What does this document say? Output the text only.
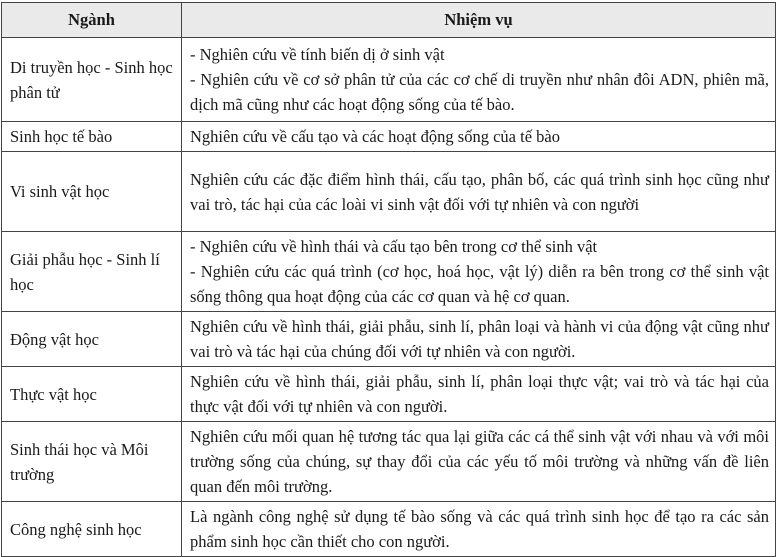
Ngành	Nhiệm vụ
Di truyền học - Sinh học phân tử	- Nghiên cứu về tính biến dị ở sinh vật
- Nghiên cứu về cơ sở phân tử của các cơ chế di truyền như nhân đôi ADN, phiên mã, dịch mã cũng như các hoạt động sống của tế bào.

Sinh học tế bào	Nghiên cứu về cấu tạo và các hoạt động sống của tế bào

Vi sinh vật học	Nghiên cứu các đặc điểm hình thái, cấu tạo, phân bố, các quá trình sinh học cũng như vai trò, tác hại của các loài vi sinh vật đối với tự nhiên và con người

Giải phẫu học - Sinh lí học	- Nghiên cứu về hình thái và cấu tạo bên trong cơ thể sinh vật
- Nghiên cứu các quá trình (cơ học, hoá học, vật lý) diễn ra bên trong cơ thể sinh vật sống thông qua hoạt động của các cơ quan và hệ cơ quan.

Động vật học	Nghiên cứu về hình thái, giải phẫu, sinh lí, phân loại và hành vi của động vật cũng như vai trò và tác hại của chúng đối với tự nhiên và con người.

Thực vật học	Nghiên cứu về hình thái, giải phẫu, sinh lí, phân loại thực vật; vai trò và tác hại của thực vật đối với tự nhiên và con người.

Sinh thái học và Môi trường	Nghiên cứu mối quan hệ tương tác qua lại giữa các cá thể sinh vật với nhau và với môi trường sống của chúng, sự thay đổi của các yếu tố môi trường và những vấn đề liên quan đến môi trường.

Công nghệ sinh học	Là ngành công nghệ sử dụng tế bào sống và các quá trình sinh học để tạo ra các sản phẩm sinh học cần thiết cho con người.
